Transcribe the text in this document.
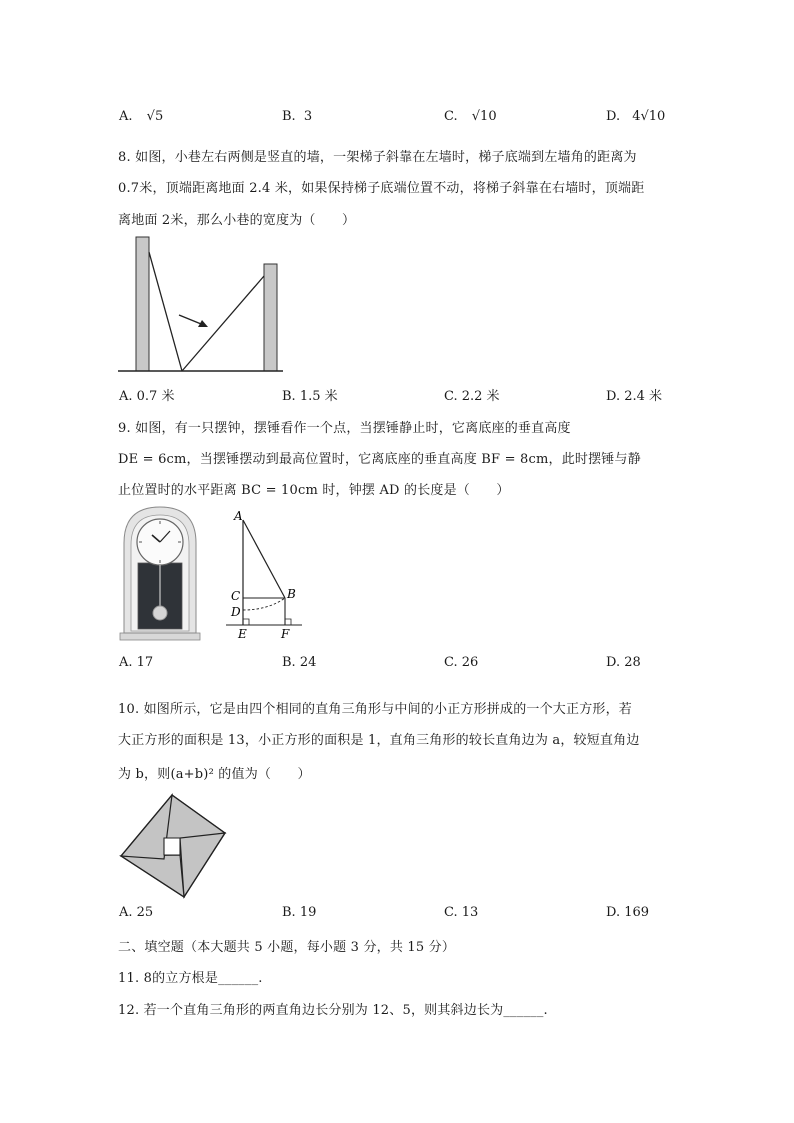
A. √5	B. 3	C. √10	D. 4√10
8. 如图，小巷左右两侧是竖直的墙，一架梯子斜靠在左墙时，梯子底端到左墙角的距离为
0.7米，顶端距离地面 2.4 米，如果保持梯子底端位置不动，将梯子斜靠在右墙时，顶端距
离地面 2米，那么小巷的宽度为（　　）
A. 0.7 米	B. 1.5 米	C. 2.2 米	D. 2.4 米
9. 如图，有一只摆钟，摆锤看作一个点，当摆锤静止时，它离底座的垂直高度
DE = 6cm，当摆锤摆动到最高位置时，它离底座的垂直高度 BF = 8cm，此时摆锤与静
止位置时的水平距离 BC = 10cm 时，钟摆 AD 的长度是（　　）
A
B
C
D
E	F
A. 17	B. 24	C. 26	D. 28
10. 如图所示，它是由四个相同的直角三角形与中间的小正方形拼成的一个大正方形，若
大正方形的面积是 13，小正方形的面积是 1，直角三角形的较长直角边为 a，较短直角边
为 b，则(a+b)² 的值为（　　）
A. 25	B. 19	C. 13	D. 169
二、填空题（本大题共 5 小题，每小题 3 分，共 15 分）
11. 8的立方根是______.
12. 若一个直角三角形的两直角边长分别为 12、5，则其斜边长为______.
